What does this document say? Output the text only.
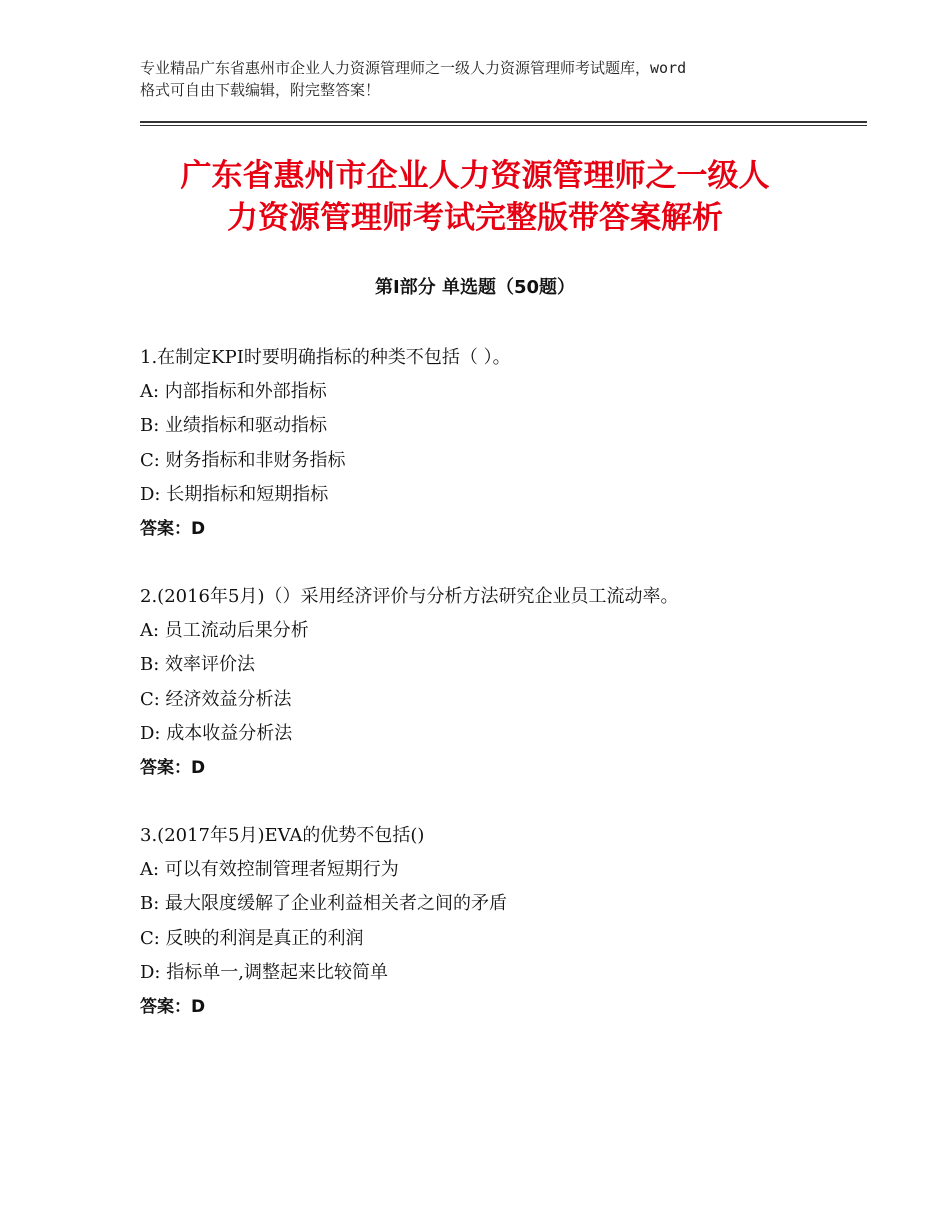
专业精品广东省惠州市企业人力资源管理师之一级人力资源管理师考试题库，word
格式可自由下载编辑，附完整答案！
广东省惠州市企业人力资源管理师之一级人
力资源管理师考试完整版带答案解析
第Ⅰ部分 单选题（50题）
1.在制定KPI时要明确指标的种类不包括（ ）。
A: 内部指标和外部指标
B: 业绩指标和驱动指标
C: 财务指标和非财务指标
D: 长期指标和短期指标
答案：D
2.(2016年5月)（）采用经济评价与分析方法研究企业员工流动率。
A: 员工流动后果分析
B: 效率评价法
C: 经济效益分析法
D: 成本收益分析法
答案：D
3.(2017年5月)EVA的优势不包括()
A: 可以有效控制管理者短期行为
B: 最大限度缓解了企业利益相关者之间的矛盾
C: 反映的利润是真正的利润
D: 指标单一,调整起来比较简单
答案：D
